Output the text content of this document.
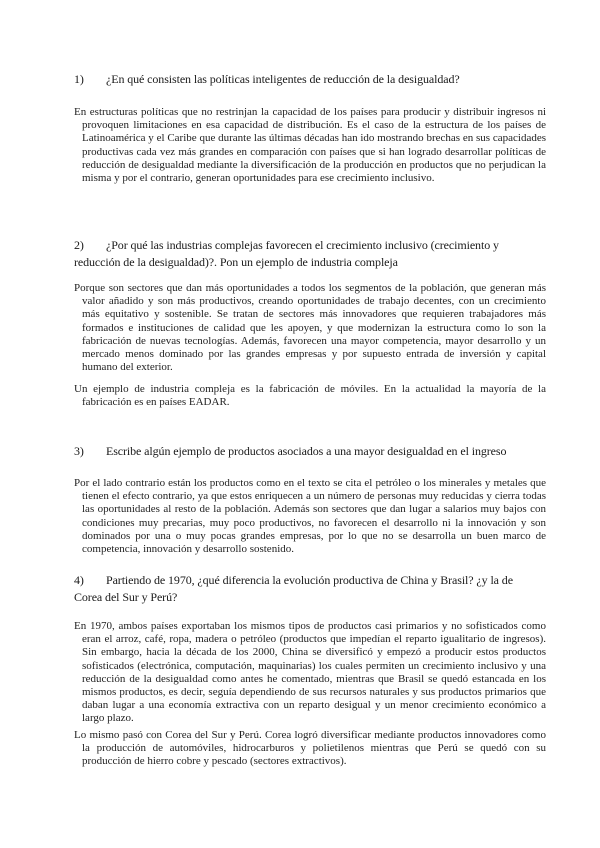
1) ¿En qué consisten las políticas inteligentes de reducción de la desigualdad?
En estructuras políticas que no restrinjan la capacidad de los países para producir y distribuir ingresos ni provoquen limitaciones en esa capacidad de distribución. Es el caso de la estructura de los países de Latinoamérica y el Caribe que durante las últimas décadas han ido mostrando brechas en sus capacidades productivas cada vez más grandes en comparación con países que si han logrado desarrollar políticas de reducción de desigualdad mediante la diversificación de la producción en productos que no perjudican la misma y por el contrario, generan oportunidades para ese crecimiento inclusivo.
2) ¿Por qué las industrias complejas favorecen el crecimiento inclusivo (crecimiento y reducción de la desigualdad)?. Pon un ejemplo de industria compleja
Porque son sectores que dan más oportunidades a todos los segmentos de la población, que generan más valor añadido y son más productivos, creando oportunidades de trabajo decentes, con un crecimiento más equitativo y sostenible. Se tratan de sectores más innovadores que requieren trabajadores más formados e instituciones de calidad que les apoyen, y que modernizan la estructura como lo son la fabricación de nuevas tecnologías. Además, favorecen una mayor competencia, mayor desarrollo y un mercado menos dominado por las grandes empresas y por supuesto entrada de inversión y capital humano del exterior.
Un ejemplo de industria compleja es la fabricación de móviles. En la actualidad la mayoría de la fabricación es en países EADAR.
3) Escribe algún ejemplo de productos asociados a una mayor desigualdad en el ingreso
Por el lado contrario están los productos como en el texto se cita el petróleo o los minerales y metales que tienen el efecto contrario, ya que estos enriquecen a un número de personas muy reducidas y cierra todas las oportunidades al resto de la población. Además son sectores que dan lugar a salarios muy bajos con condiciones muy precarias, muy poco productivos, no favorecen el desarrollo ni la innovación y son dominados por una o muy pocas grandes empresas, por lo que no se desarrolla un buen marco de competencia, innovación y desarrollo sostenido.
4) Partiendo de 1970, ¿qué diferencia la evolución productiva de China y Brasil? ¿y la de Corea del Sur y Perú?
En 1970, ambos países exportaban los mismos tipos de productos casi primarios y no sofisticados como eran el arroz, café, ropa, madera o petróleo (productos que impedían el reparto igualitario de ingresos). Sin embargo, hacia la década de los 2000, China se diversificó y empezó a producir estos productos sofisticados (electrónica, computación, maquinarias) los cuales permiten un crecimiento inclusivo y una reducción de la desigualdad como antes he comentado, mientras que Brasil se quedó estancada en los mismos productos, es decir, seguía dependiendo de sus recursos naturales y sus productos primarios que daban lugar a una economía extractiva con un reparto desigual y un menor crecimiento económico a largo plazo.
Lo mismo pasó con Corea del Sur y Perú. Corea logró diversificar mediante productos innovadores como la producción de automóviles, hidrocarburos y polietilenos mientras que Perú se quedó con su producción de hierro cobre y pescado (sectores extractivos).
